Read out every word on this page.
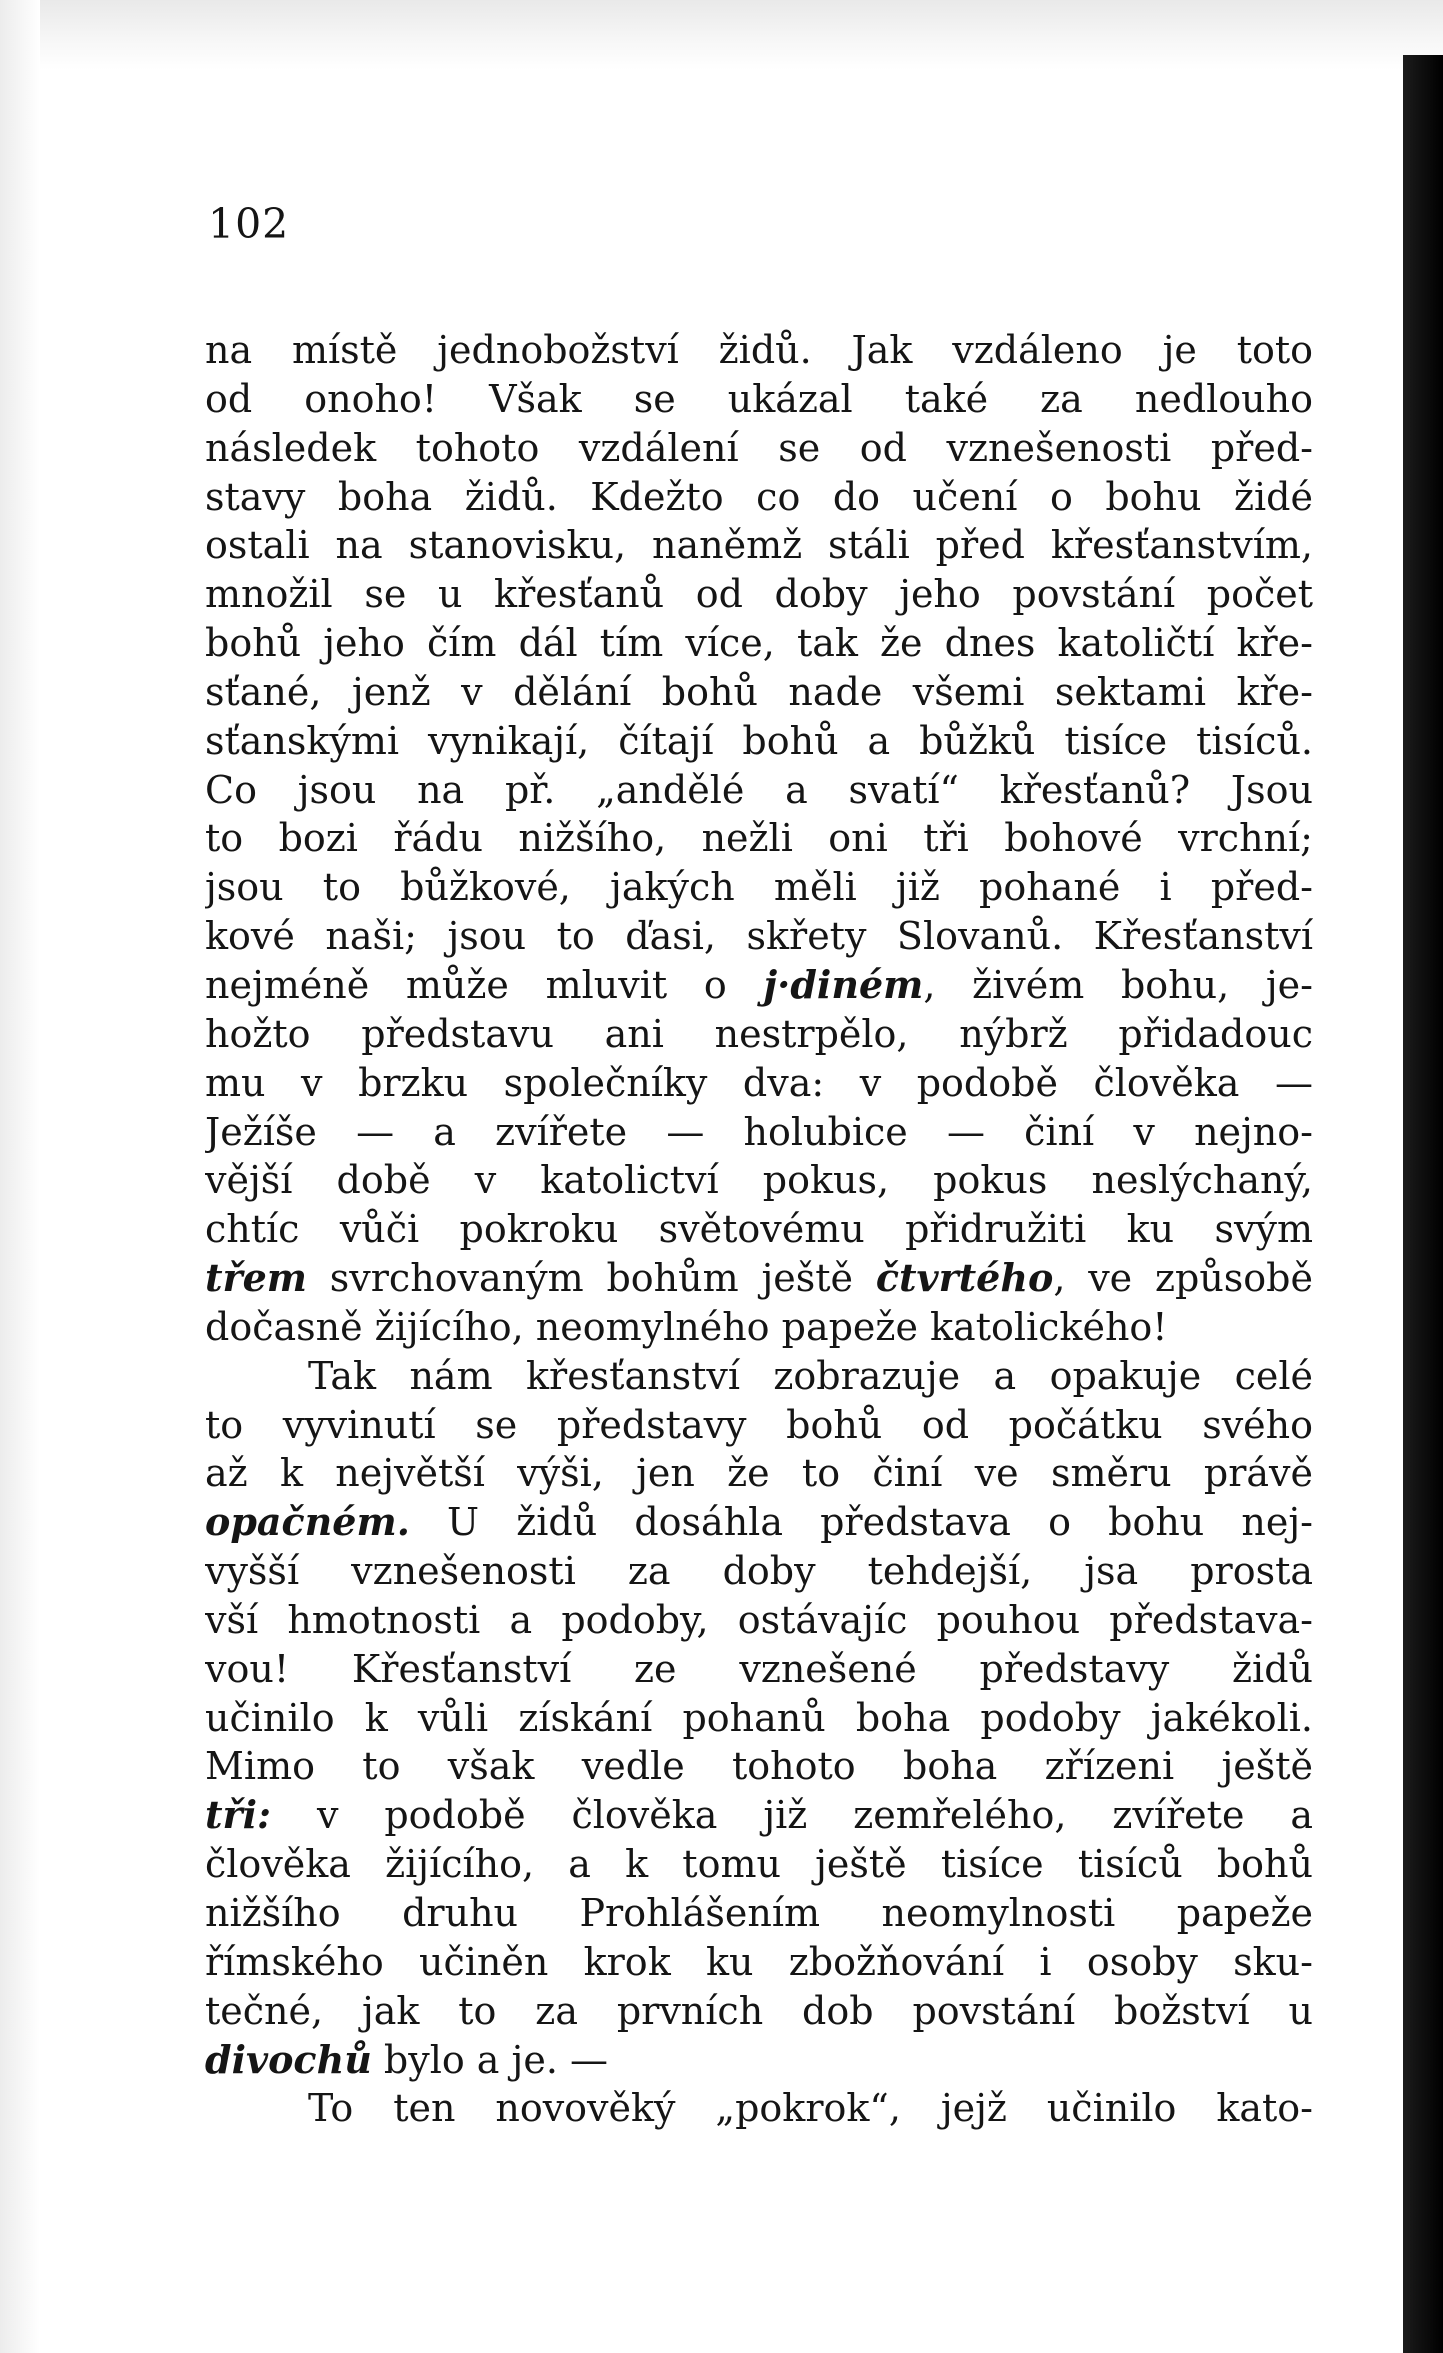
102
na místě jednobožství židů. Jak vzdáleno je toto
od onoho! Však se ukázal také za nedlouho
následek tohoto vzdálení se od vznešenosti před-
stavy boha židů. Kdežto co do učení o bohu židé
ostali na stanovisku, naněmž stáli před křesťanstvím,
množil se u křesťanů od doby jeho povstání počet
bohů jeho čím dál tím více, tak že dnes katoličtí kře-
sťané, jenž v dělání bohů nade všemi sektami kře-
sťanskými vynikají, čítají bohů a bůžků tisíce tisíců.
Co jsou na př. „andělé a svatí“ křesťanů? Jsou
to bozi řádu nižšího, nežli oni tři bohové vrchní;
jsou to bůžkové, jakých měli již pohané i před-
kové naši; jsou to ďasi, skřety Slovanů. Křesťanství
nejméně může mluvit o j·diném, živém bohu, je-
hožto představu ani nestrpělo, nýbrž přidadouc
mu v brzku společníky dva: v podobě člověka —
Ježíše — a zvířete — holubice — činí v nejno-
vější době v katolictví pokus, pokus neslýchaný,
chtíc vůči pokroku světovému přidružiti ku svým
třem svrchovaným bohům ještě čtvrtého, ve způsobě
dočasně žijícího, neomylného papeže katolického!
Tak nám křesťanství zobrazuje a opakuje celé
to vyvinutí se představy bohů od počátku svého
až k největší výši, jen že to činí ve směru právě
opačném. U židů dosáhla představa o bohu nej-
vyšší vznešenosti za doby tehdejší, jsa prosta
vší hmotnosti a podoby, ostávajíc pouhou představa-
vou! Křesťanství ze vznešené představy židů
učinilo k vůli získání pohanů boha podoby jakékoli.
Mimo to však vedle tohoto boha zřízeni ještě
tři: v podobě člověka již zemřelého, zvířete a
člověka žijícího, a k tomu ještě tisíce tisíců bohů
nižšího druhu Prohlášením neomylnosti papeže
římského učiněn krok ku zbožňování i osoby sku-
tečné, jak to za prvních dob povstání božství u
divochů bylo a je. —
To ten novověký „pokrok“, jejž učinilo kato-
